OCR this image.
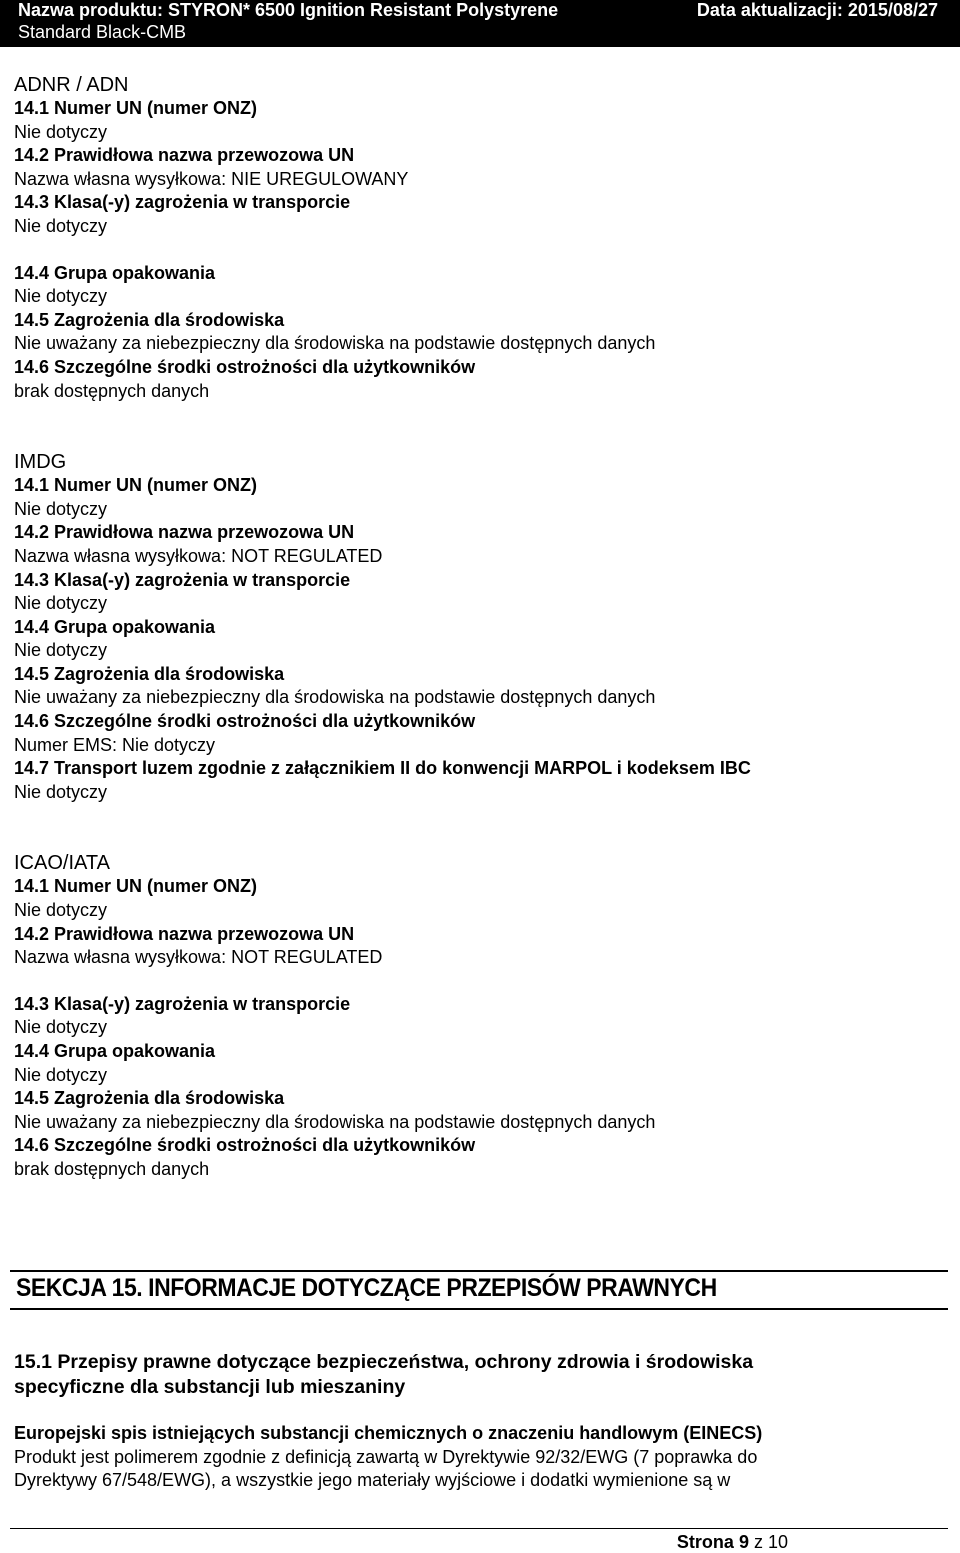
Nazwa produktu: STYRON* 6500 Ignition Resistant Polystyrene
Standard Black-CMB
Data aktualizacji: 2015/08/27
ADNR / ADN
14.1 Numer UN (numer ONZ)
Nie dotyczy
14.2 Prawidłowa nazwa przewozowa UN
Nazwa własna wysyłkowa: NIE UREGULOWANY
14.3 Klasa(-y) zagrożenia w transporcie
Nie dotyczy
14.4 Grupa opakowania
Nie dotyczy
14.5 Zagrożenia dla środowiska
Nie uważany za niebezpieczny dla środowiska na podstawie dostępnych danych
14.6 Szczególne środki ostrożności dla użytkowników
brak dostępnych danych
IMDG
14.1 Numer UN (numer ONZ)
Nie dotyczy
14.2 Prawidłowa nazwa przewozowa UN
Nazwa własna wysyłkowa: NOT REGULATED
14.3 Klasa(-y) zagrożenia w transporcie
Nie dotyczy
14.4 Grupa opakowania
Nie dotyczy
14.5 Zagrożenia dla środowiska
Nie uważany za niebezpieczny dla środowiska na podstawie dostępnych danych
14.6 Szczególne środki ostrożności dla użytkowników
Numer EMS: Nie dotyczy
14.7 Transport luzem zgodnie z załącznikiem II do konwencji MARPOL i kodeksem IBC
Nie dotyczy
ICAO/IATA
14.1 Numer UN (numer ONZ)
Nie dotyczy
14.2 Prawidłowa nazwa przewozowa UN
Nazwa własna wysyłkowa: NOT REGULATED
14.3 Klasa(-y) zagrożenia w transporcie
Nie dotyczy
14.4 Grupa opakowania
Nie dotyczy
14.5 Zagrożenia dla środowiska
Nie uważany za niebezpieczny dla środowiska na podstawie dostępnych danych
14.6 Szczególne środki ostrożności dla użytkowników
brak dostępnych danych
SEKCJA 15. INFORMACJE DOTYCZĄCE PRZEPISÓW PRAWNYCH
15.1 Przepisy prawne dotyczące bezpieczeństwa, ochrony zdrowia i środowiska
specyficzne dla substancji lub mieszaniny
Europejski spis istniejących substancji chemicznych o znaczeniu handlowym (EINECS)
Produkt jest polimerem zgodnie z definicją zawartą w Dyrektywie 92/32/EWG (7 poprawka do
Dyrektywy 67/548/EWG), a wszystkie jego materiały wyjściowe i dodatki wymienione są w
Strona 9 z 10
